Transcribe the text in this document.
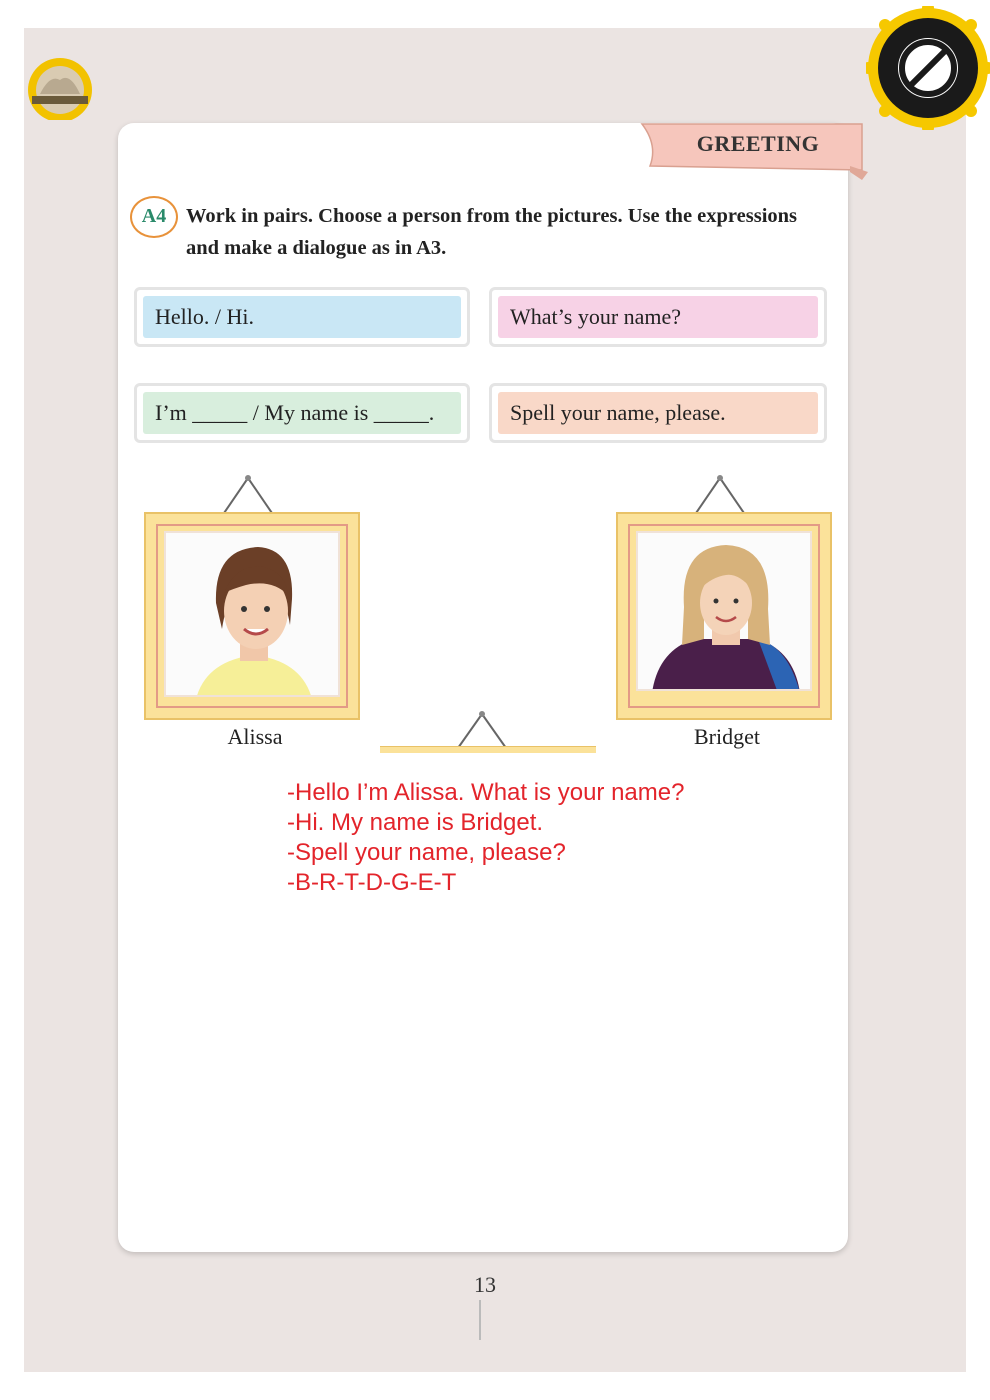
GREETING
A4 Work in pairs. Choose a person from the pictures. Use the expressions
and make a dialogue as in A3.
Hello. / Hi.	What’s your name?
I’m _____ / My name is _____.	Spell your name, please.
Alissa	Bridget
-Hello I’m Alissa. What is your name?
-Hi. My name is Bridget.
-Spell your name, please?
-B-R-T-D-G-E-T
13
